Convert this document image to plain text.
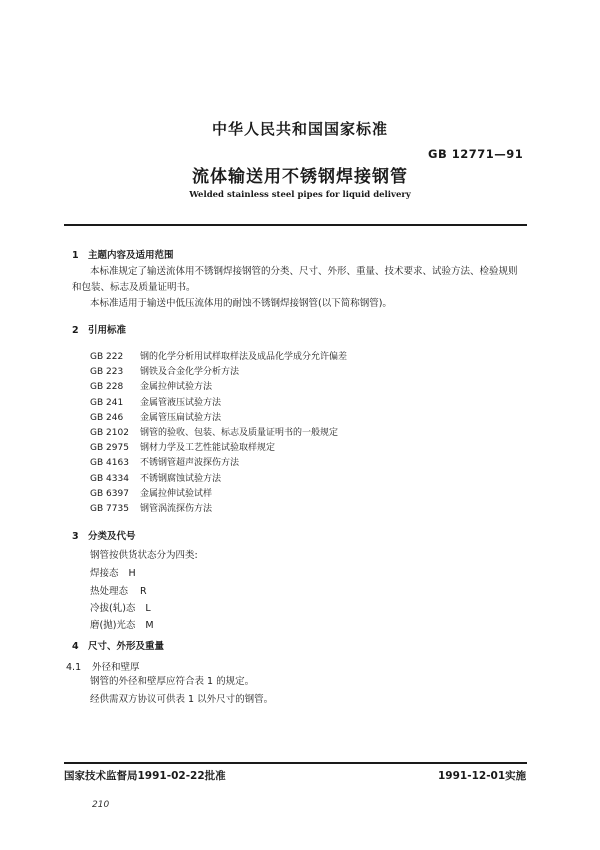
中华人民共和国国家标准
GB 12771—91
流体输送用不锈钢焊接钢管
Welded stainless steel pipes for liquid delivery
1 主题内容及适用范围
本标准规定了输送流体用不锈钢焊接钢管的分类、尺寸、外形、重量、技术要求、试验方法、检验规则
和包装、标志及质量证明书。
本标准适用于输送中低压流体用的耐蚀不锈钢焊接钢管(以下简称钢管)。
2 引用标准
GB 222 钢的化学分析用试样取样法及成品化学成分允许偏差
GB 223 钢铁及合金化学分析方法
GB 228 金属拉伸试验方法
GB 241 金属管液压试验方法
GB 246 金属管压扁试验方法
GB 2102 钢管的验收、包装、标志及质量证明书的一般规定
GB 2975 钢材力学及工艺性能试验取样规定
GB 4163 不锈钢管超声波探伤方法
GB 4334 不锈钢腐蚀试验方法
GB 6397 金属拉伸试验试样
GB 7735 钢管涡流探伤方法
3 分类及代号
钢管按供货状态分为四类:
焊接态 H
热处理态 R
冷拔(轧)态 L
磨(抛)光态 M
4 尺寸、外形及重量
4.1 外径和壁厚
钢管的外径和壁厚应符合表 1 的规定。
经供需双方协议可供表 1 以外尺寸的钢管。
国家技术监督局1991-02-22批准	1991-12-01实施
210
